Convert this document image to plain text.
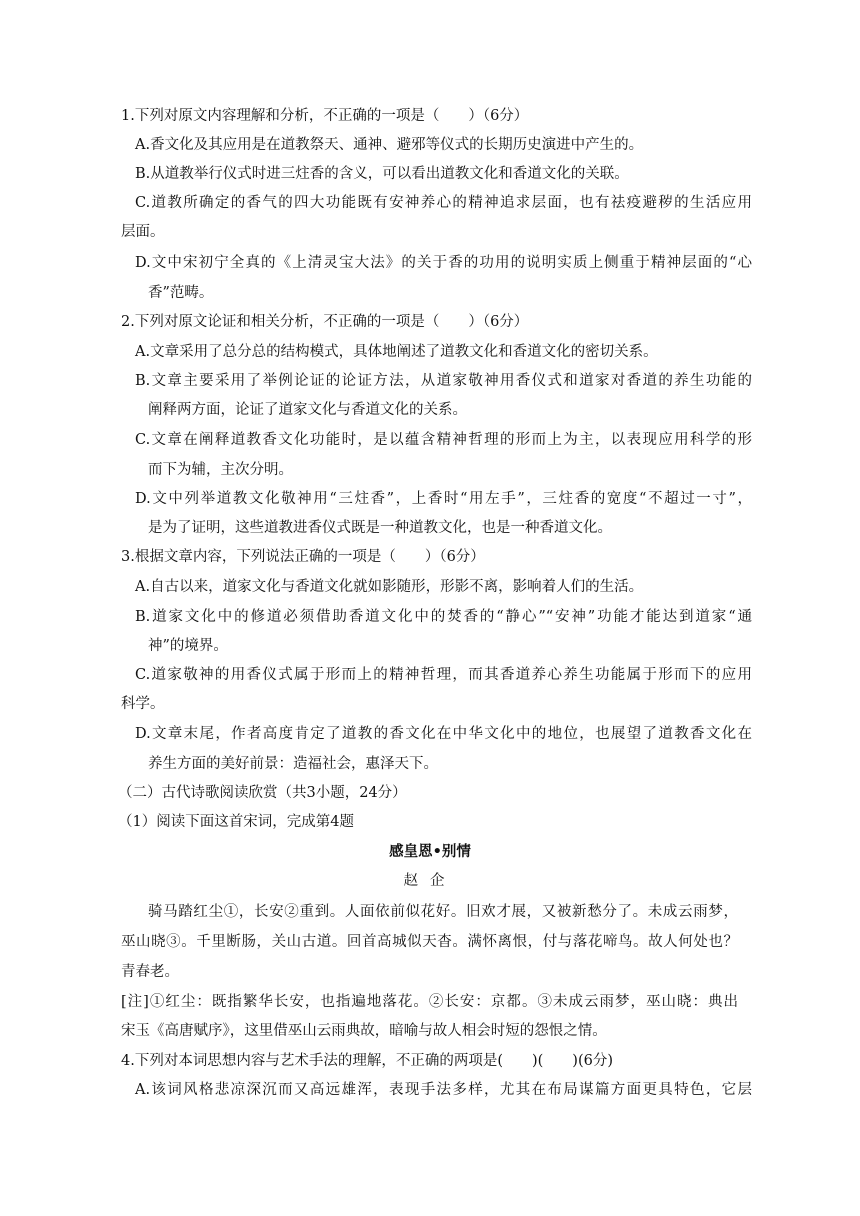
1.下列对原文内容理解和分析，不正确的一项是（　　）（6分）
A.香文化及其应用是在道教祭天、通神、避邪等仪式的长期历史演进中产生的。
B.从道教举行仪式时进三炷香的含义，可以看出道教文化和香道文化的关联。
C.道教所确定的香气的四大功能既有安神养心的精神追求层面，也有祛疫避秽的生活应用
层面。
D.文中宋初宁全真的《上清灵宝大法》的关于香的功用的说明实质上侧重于精神层面的“心
香”范畴。
2.下列对原文论证和相关分析，不正确的一项是（　　）（6分）
A.文章采用了总分总的结构模式，具体地阐述了道教文化和香道文化的密切关系。
B.文章主要采用了举例论证的论证方法，从道家敬神用香仪式和道家对香道的养生功能的
阐释两方面，论证了道家文化与香道文化的关系。
C.文章在阐释道教香文化功能时，是以蕴含精神哲理的形而上为主，以表现应用科学的形
而下为辅，主次分明。
D.文中列举道教文化敬神用“三炷香”，上香时“用左手”，三炷香的宽度“不超过一寸”，
是为了证明，这些道教进香仪式既是一种道教文化，也是一种香道文化。
3.根据文章内容，下列说法正确的一项是（　　）（6分）
A.自古以来，道家文化与香道文化就如影随形，形影不离，影响着人们的生活。
B.道家文化中的修道必须借助香道文化中的焚香的“静心”“安神”功能才能达到道家“通
神”的境界。
C.道家敬神的用香仪式属于形而上的精神哲理，而其香道养心养生功能属于形而下的应用
科学。
D.文章末尾，作者高度肯定了道教的香文化在中华文化中的地位，也展望了道教香文化在
养生方面的美好前景：造福社会，惠泽天下。
（二）古代诗歌阅读欣赏（共3小题，24分）
（1）阅读下面这首宋词，完成第4题
感皇恩•别情
赵企
骑马踏红尘①，长安②重到。人面依前似花好。旧欢才展，又被新愁分了。未成云雨梦，
巫山晓③。千里断肠，关山古道。回首高城似天杳。满怀离恨，付与落花啼鸟。故人何处也？
青春老。
[注]①红尘：既指繁华长安，也指遍地落花。②长安：京都。③未成云雨梦，巫山晓：典出
宋玉《高唐赋序》，这里借巫山云雨典故，暗喻与故人相会时短的怨恨之情。
4.下列对本词思想内容与艺术手法的理解，不正确的两项是(　　)(　　)(6分)
A.该词风格悲凉深沉而又高远雄浑，表现手法多样，尤其在布局谋篇方面更具特色，它层
